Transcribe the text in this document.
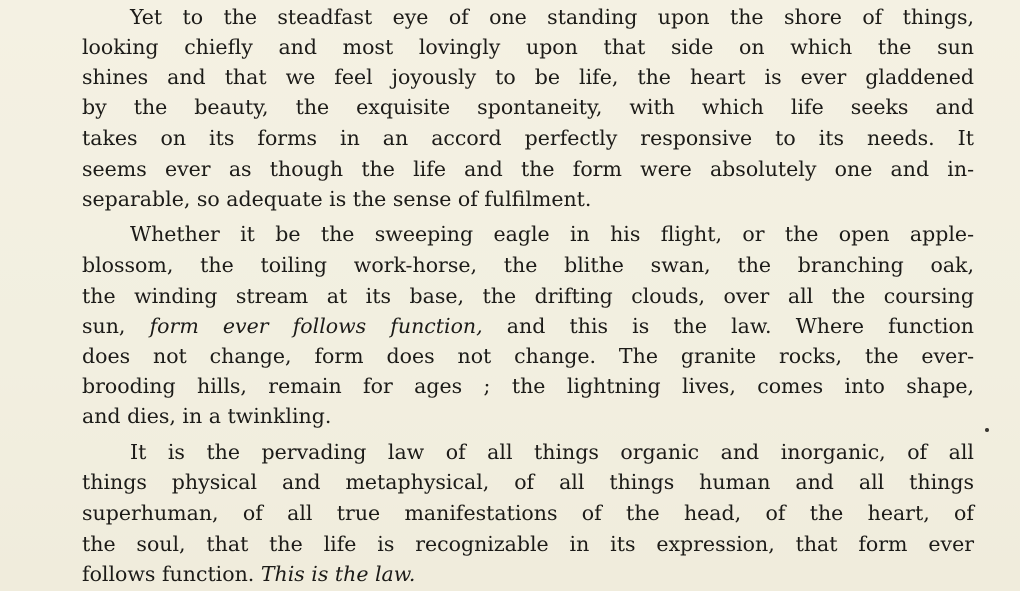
Yet to the steadfast eye of one standing upon the shore of things,
looking chiefly and most lovingly upon that side on which the sun
shines and that we feel joyously to be life, the heart is ever gladdened
by the beauty, the exquisite spontaneity, with which life seeks and
takes on its forms in an accord perfectly responsive to its needs. It
seems ever as though the life and the form were absolutely one and in-
separable, so adequate is the sense of fulfilment.
Whether it be the sweeping eagle in his flight, or the open apple-
blossom, the toiling work-horse, the blithe swan, the branching oak,
the winding stream at its base, the drifting clouds, over all the coursing
sun, form ever follows function, and this is the law. Where function
does not change, form does not change. The granite rocks, the ever-
brooding hills, remain for ages ; the lightning lives, comes into shape,
and dies, in a twinkling.
It is the pervading law of all things organic and inorganic, of all
things physical and metaphysical, of all things human and all things
superhuman, of all true manifestations of the head, of the heart, of
the soul, that the life is recognizable in its expression, that form ever
follows function. This is the law.
